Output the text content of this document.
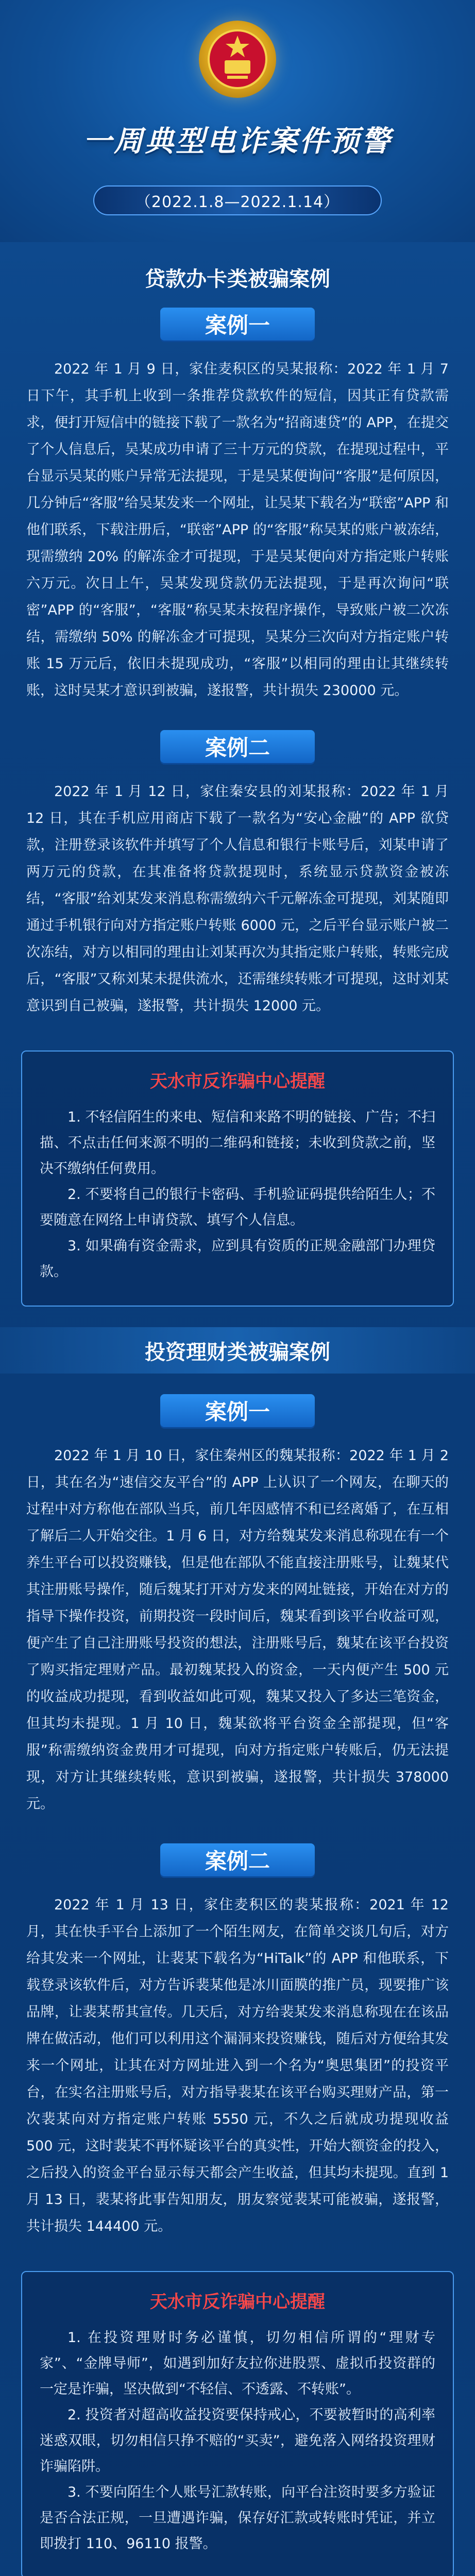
一周典型电诈案件预警
（2022.1.8—2022.1.14）
贷款办卡类被骗案例
案例一

2022 年 1 月 9 日，家住麦积区的吴某报称：2022 年 1 月 7 日下午，其手机上收到一条推荐贷款软件的短信，因其正有贷款需求，便打开短信中的链接下载了一款名为“招商速贷”的 APP，在提交了个人信息后，吴某成功申请了三十万元的贷款，在提现过程中，平台显示吴某的账户异常无法提现，于是吴某便询问“客服”是何原因，几分钟后“客服”给吴某发来一个网址，让吴某下载名为“联密”APP 和他们联系，下载注册后，“联密”APP 的“客服”称吴某的账户被冻结，现需缴纳 20% 的解冻金才可提现，于是吴某便向对方指定账户转账六万元。次日上午，吴某发现贷款仍无法提现，于是再次询问“联密”APP 的“客服”，“客服”称吴某未按程序操作，导致账户被二次冻结，需缴纳 50% 的解冻金才可提现，吴某分三次向对方指定账户转账 15 万元后，依旧未提现成功，“客服”以相同的理由让其继续转账，这时吴某才意识到被骗，遂报警，共计损失 230000 元。

案例二

2022 年 1 月 12 日，家住秦安县的刘某报称：2022 年 1 月 12 日，其在手机应用商店下载了一款名为“安心金融”的 APP 欲贷款，注册登录该软件并填写了个人信息和银行卡账号后，刘某申请了两万元的贷款，在其准备将贷款提现时，系统显示贷款资金被冻结，“客服”给刘某发来消息称需缴纳六千元解冻金可提现，刘某随即通过手机银行向对方指定账户转账 6000 元，之后平台显示账户被二次冻结，对方以相同的理由让刘某再次为其指定账户转账，转账完成后，“客服”又称刘某未提供流水，还需继续转账才可提现，这时刘某意识到自己被骗，遂报警，共计损失 12000 元。

天水市反诈骗中心提醒

1. 不轻信陌生的来电、短信和来路不明的链接、广告；不扫描、不点击任何来源不明的二维码和链接；未收到贷款之前，坚决不缴纳任何费用。

2. 不要将自己的银行卡密码、手机验证码提供给陌生人；不要随意在网络上申请贷款、填写个人信息。

3. 如果确有资金需求，应到具有资质的正规金融部门办理贷款。

投资理财类被骗案例
案例一

2022 年 1 月 10 日，家住秦州区的魏某报称：2022 年 1 月 2 日，其在名为“速信交友平台”的 APP 上认识了一个网友，在聊天的过程中对方称他在部队当兵，前几年因感情不和已经离婚了，在互相了解后二人开始交往。1 月 6 日，对方给魏某发来消息称现在有一个养生平台可以投资赚钱，但是他在部队不能直接注册账号，让魏某代其注册账号操作，随后魏某打开对方发来的网址链接，开始在对方的指导下操作投资，前期投资一段时间后，魏某看到该平台收益可观，便产生了自己注册账号投资的想法，注册账号后，魏某在该平台投资了购买指定理财产品。最初魏某投入的资金，一天内便产生 500 元的收益成功提现，看到收益如此可观，魏某又投入了多达三笔资金，但其均未提现。1 月 10 日，魏某欲将平台资金全部提现，但“客服”称需缴纳资金费用才可提现，向对方指定账户转账后，仍无法提现，对方让其继续转账，意识到被骗，遂报警，共计损失 378000 元。

案例二

2022 年 1 月 13 日，家住麦积区的裴某报称：2021 年 12 月，其在快手平台上添加了一个陌生网友，在简单交谈几句后，对方给其发来一个网址，让裴某下载名为“HiTalk”的 APP 和他联系，下载登录该软件后，对方告诉裴某他是冰川面膜的推广员，现要推广该品牌，让裴某帮其宣传。几天后，对方给裴某发来消息称现在在该品牌在做活动，他们可以利用这个漏洞来投资赚钱，随后对方便给其发来一个网址，让其在对方网址进入到一个名为“奥思集团”的投资平台，在实名注册账号后，对方指导裴某在该平台购买理财产品，第一次裴某向对方指定账户转账 5550 元，不久之后就成功提现收益 500 元，这时裴某不再怀疑该平台的真实性，开始大额资金的投入，之后投入的资金平台显示每天都会产生收益，但其均未提现。直到 1 月 13 日，裴某将此事告知朋友，朋友察觉裴某可能被骗，遂报警，共计损失 144400 元。

天水市反诈骗中心提醒

1. 在投资理财时务必谨慎，切勿相信所谓的“理财专家”、“金牌导师”，如遇到加好友拉你进股票、虚拟币投资群的一定是诈骗，坚决做到“不轻信、不透露、不转账”。

2. 投资者对超高收益投资要保持戒心，不要被暂时的高利率迷惑双眼，切勿相信只挣不赔的“买卖”，避免落入网络投资理财诈骗陷阱。

3. 不要向陌生个人账号汇款转账，向平台注资时要多方验证是否合法正规，一旦遭遇诈骗，保存好汇款或转账时凭证，并立即拨打 110、96110 报警。
